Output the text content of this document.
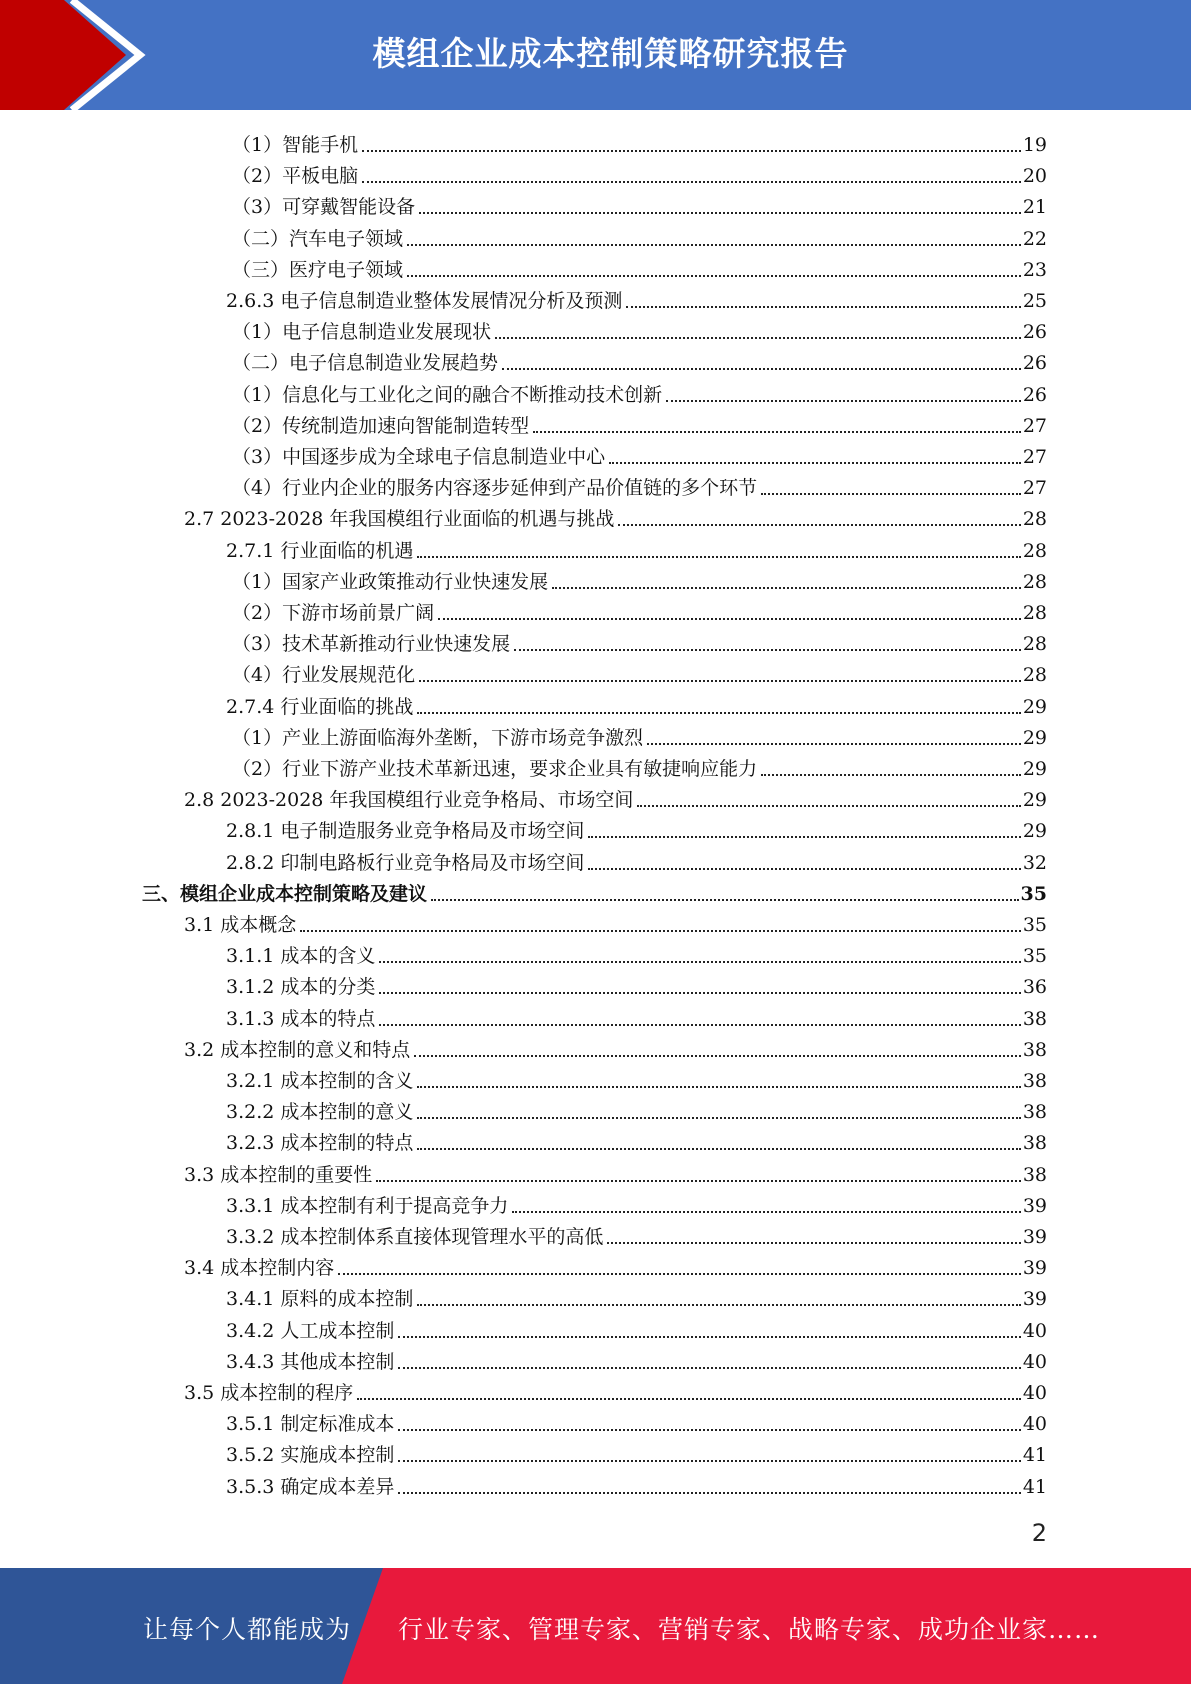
模组企业成本控制策略研究报告
（1）智能手机	19
（2）平板电脑	20
（3）可穿戴智能设备	21
（二）汽车电子领域	22
（三）医疗电子领域	23
2.6.3 电子信息制造业整体发展情况分析及预测	25
（1）电子信息制造业发展现状	26
（二）电子信息制造业发展趋势	26
（1）信息化与工业化之间的融合不断推动技术创新	26
（2）传统制造加速向智能制造转型	27
（3）中国逐步成为全球电子信息制造业中心	27
（4）行业内企业的服务内容逐步延伸到产品价值链的多个环节	27
2.7 2023-2028 年我国模组行业面临的机遇与挑战	28
2.7.1 行业面临的机遇	28
（1）国家产业政策推动行业快速发展	28
（2）下游市场前景广阔	28
（3）技术革新推动行业快速发展	28
（4）行业发展规范化	28
2.7.4 行业面临的挑战	29
（1）产业上游面临海外垄断，下游市场竞争激烈	29
（2）行业下游产业技术革新迅速，要求企业具有敏捷响应能力	29
2.8 2023-2028 年我国模组行业竞争格局、市场空间	29
2.8.1 电子制造服务业竞争格局及市场空间	29
2.8.2 印制电路板行业竞争格局及市场空间	32
三、模组企业成本控制策略及建议	35
3.1 成本概念	35
3.1.1 成本的含义	35
3.1.2 成本的分类	36
3.1.3 成本的特点	38
3.2 成本控制的意义和特点	38
3.2.1 成本控制的含义	38
3.2.2 成本控制的意义	38
3.2.3 成本控制的特点	38
3.3 成本控制的重要性	38
3.3.1 成本控制有利于提高竞争力	39
3.3.2 成本控制体系直接体现管理水平的高低	39
3.4 成本控制内容	39
3.4.1 原料的成本控制	39
3.4.2 人工成本控制	40
3.4.3 其他成本控制	40
3.5 成本控制的程序	40
3.5.1 制定标准成本	40
3.5.2 实施成本控制	41
3.5.3 确定成本差异	41
2
让每个人都能成为 行业专家、管理专家、营销专家、战略专家、成功企业家……
